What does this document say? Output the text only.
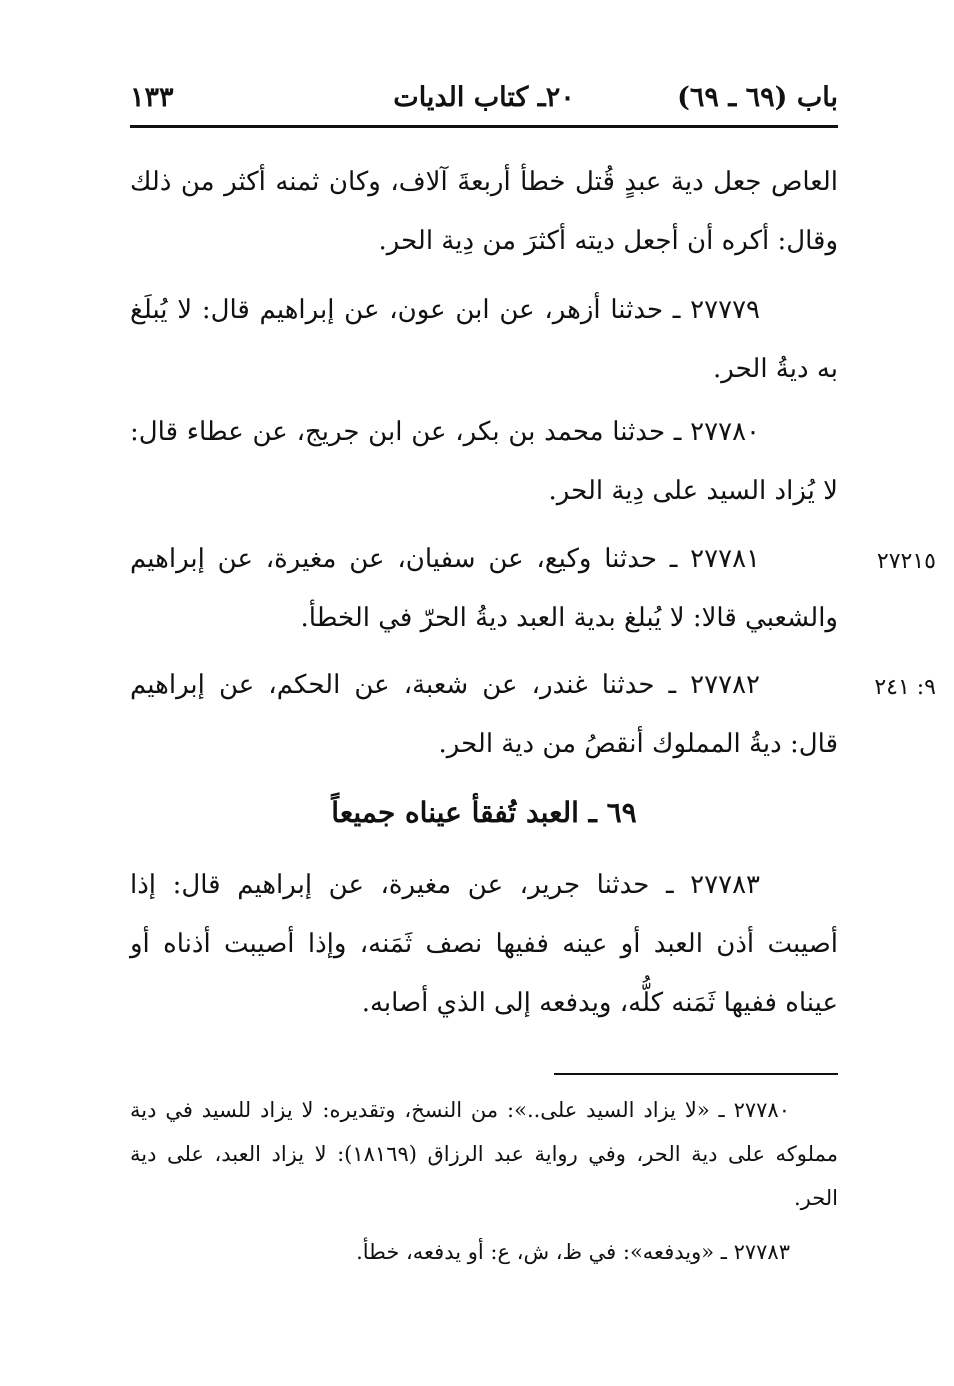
باب (٦٩ ـ ٦٩)
٢٠ـ كتاب الديات
١٣٣
العاص جعل دية عبدٍ قُتل خطأ أربعةَ آلاف، وكان ثمنه أكثر من ذلك وقال: أكره أن أجعل ديته أكثرَ من دِية الحر.
٢٧٧٧٩ ـ حدثنا أزهر، عن ابن عون، عن إبراهيم قال: لا يُبلَغ به ديةُ الحر.
٢٧٧٨٠ ـ حدثنا محمد بن بكر، عن ابن جريج، عن عطاء قال: لا يُزاد السيد على دِية الحر.
٢٧٢١٥
٢٧٧٨١ ـ حدثنا وكيع، عن سفيان، عن مغيرة، عن إبراهيم والشعبي قالا: لا يُبلغ بدية العبد ديةُ الحرّ في الخطأ.
٩: ٢٤١
٢٧٧٨٢ ـ حدثنا غندر، عن شعبة، عن الحكم، عن إبراهيم قال: ديةُ المملوك أنقصُ من دية الحر.
٦٩ ـ العبد تُفقأ عيناه جميعاً
٢٧٧٨٣ ـ حدثنا جرير، عن مغيرة، عن إبراهيم قال: إذا أصيبت أذن العبد أو عينه ففيها نصف ثَمَنه، وإذا أصيبت أذناه أو عيناه ففيها ثَمَنه كلُّه، ويدفعه إلى الذي أصابه.
٢٧٧٨٠ ـ «لا يزاد السيد على..»: من النسخ، وتقديره: لا يزاد للسيد في دية مملوكه على دية الحر، وفي رواية عبد الرزاق (١٨١٦٩): لا يزاد العبد، على دية الحر.
٢٧٧٨٣ ـ «ويدفعه»: في ظ، ش، ع: أو يدفعه، خطأ.
